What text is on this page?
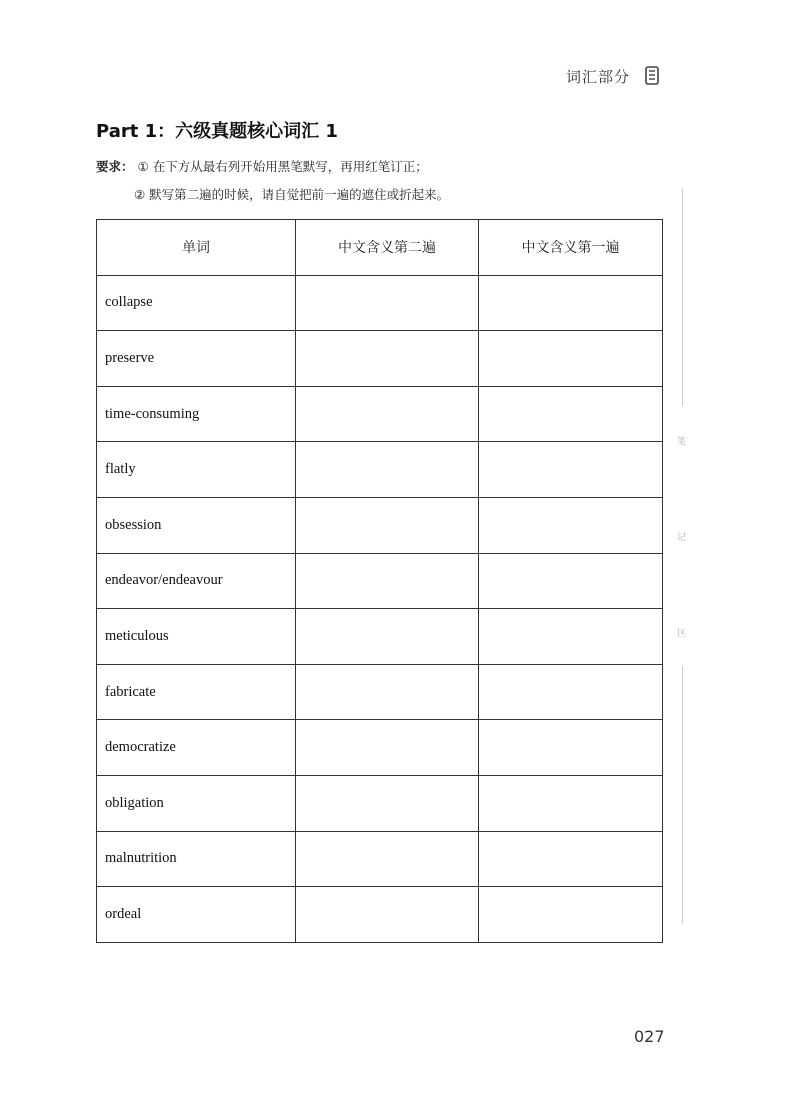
词汇部分
Part 1：六级真题核心词汇 1
要求： ① 在下方从最右列开始用黑笔默写，再用红笔订正；
② 默写第二遍的时候，请自觉把前一遍的遮住或折起来。
单词	中文含义第二遍	中文含义第一遍
collapse		
preserve		
time-consuming		
flatly		
obsession		
endeavor/endeavour		
meticulous		
fabricate		
democratize		
obligation		
malnutrition		
ordeal		
笔
记
区
027
